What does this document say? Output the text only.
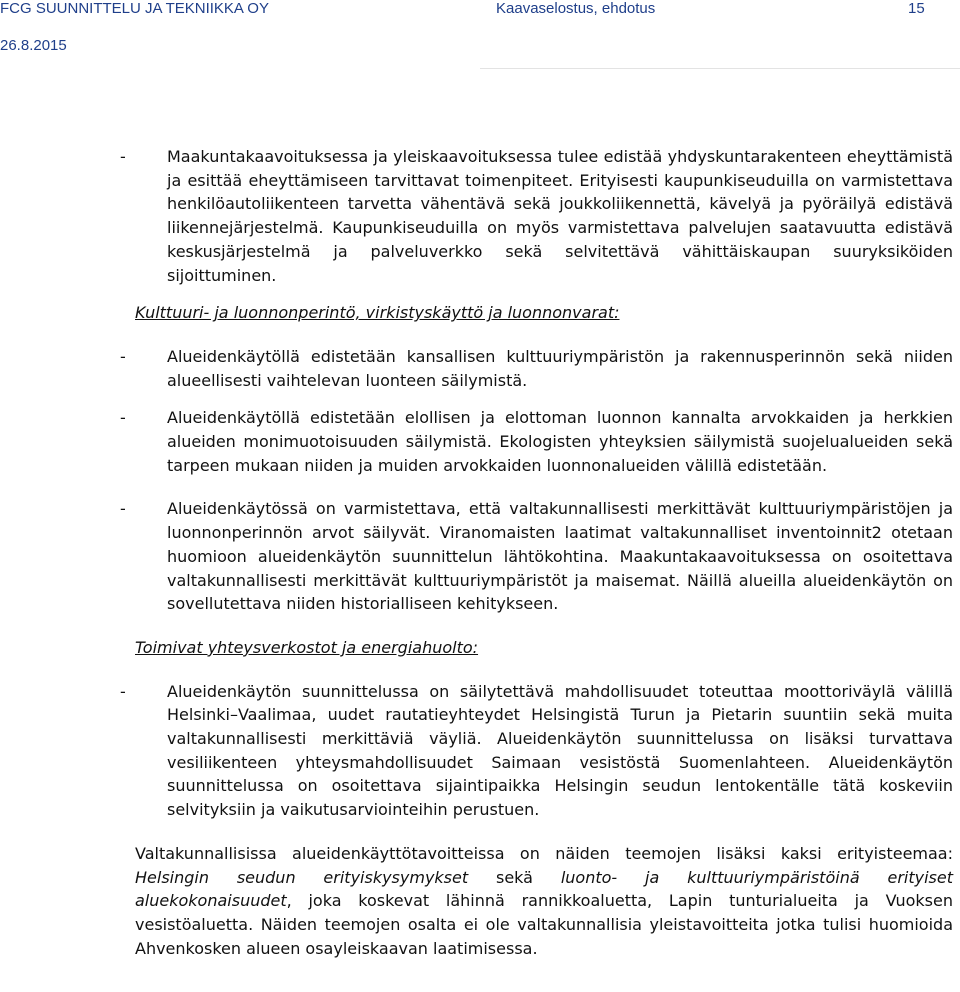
FCG SUUNNITTELU JA TEKNIIKKA OY	Kaavaselostus, ehdotus	15
26.8.2015

-	Maakuntakaavoituksessa ja yleiskaavoituksessa tulee edistää yhdyskuntarakenteen eheyttämistä ja esittää eheyttämiseen tarvittavat toimenpiteet. Erityisesti kaupunkiseuduilla on varmistettava henkilöautoliikenteen tarvetta vähentävä sekä joukkoliikennettä, kävelyä ja pyöräilyä edistävä liikennejärjestelmä. Kaupunkiseuduilla on myös varmistettava palvelujen saatavuutta edistävä keskusjärjestelmä ja palveluverkko sekä selvitettävä vähittäiskaupan suuryksiköiden sijoittuminen.

Kulttuuri- ja luonnonperintö, virkistyskäyttö ja luonnonvarat:

-	Alueidenkäytöllä edistetään kansallisen kulttuuriympäristön ja rakennusperinnön sekä niiden alueellisesti vaihtelevan luonteen säilymistä.

-	Alueidenkäytöllä edistetään elollisen ja elottoman luonnon kannalta arvokkaiden ja herkkien alueiden monimuotoisuuden säilymistä. Ekologisten yhteyksien säilymistä suojelualueiden sekä tarpeen mukaan niiden ja muiden arvokkaiden luonnonalueiden välillä edistetään.

-	Alueidenkäytössä on varmistettava, että valtakunnallisesti merkittävät kulttuuriympäristöjen ja luonnonperinnön arvot säilyvät. Viranomaisten laatimat valtakunnalliset inventoinnit2 otetaan huomioon alueidenkäytön suunnittelun lähtökohtina. Maakuntakaavoituksessa on osoitettava valtakunnallisesti merkittävät kulttuuriympäristöt ja maisemat. Näillä alueilla alueidenkäytön on sovellutettava niiden historialliseen kehitykseen.

Toimivat yhteysverkostot ja energiahuolto:

-	Alueidenkäytön suunnittelussa on säilytettävä mahdollisuudet toteuttaa moottoriväylä välillä Helsinki–Vaalimaa, uudet rautatieyhteydet Helsingistä Turun ja Pietarin suuntiin sekä muita valtakunnallisesti merkittäviä väyliä. Alueidenkäytön suunnittelussa on lisäksi turvattava vesiliikenteen yhteysmahdollisuudet Saimaan vesistöstä Suomenlahteen. Alueidenkäytön suunnittelussa on osoitettava sijaintipaikka Helsingin seudun lentokentälle tätä koskeviin selvityksiin ja vaikutusarviointeihin perustuen.

Valtakunnallisissa alueidenkäyttötavoitteissa on näiden teemojen lisäksi kaksi erityisteemaa: Helsingin seudun erityiskysymykset sekä luonto- ja kulttuuriympäristöinä erityiset aluekokonaisuudet, joka koskevat lähinnä rannikkoaluetta, Lapin tunturialueita ja Vuoksen vesistöaluetta. Näiden teemojen osalta ei ole valtakunnallisia yleistavoitteita jotka tulisi huomioida Ahvenkosken alueen osayleiskaavan laatimisessa.
